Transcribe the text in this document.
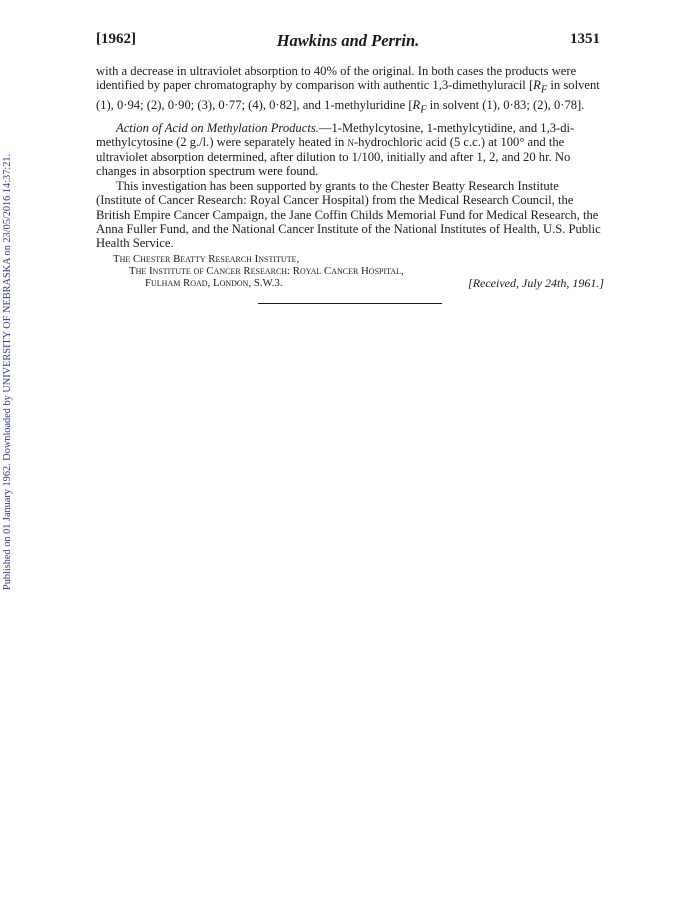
Published on 01 January 1962. Downloaded by UNIVERSITY OF NEBRASKA on 23/05/2016 14:37:21.
[1962]	Hawkins and Perrin.	1351

with a decrease in ultraviolet absorption to 40% of the original. In both cases the products were identified by paper chromatography by comparison with authentic 1,3-dimethyluracil [$R_F$ in solvent (1), 0·94; (2), 0·90; (3), 0·77; (4), 0·82], and 1-methyluridine [$R_F$ in solvent (1), 0·83; (2), 0·78].

Action of Acid on Methylation Products.—1-Methylcytosine, 1-methylcytidine, and 1,3-di-methylcytosine (2 g./l.) were separately heated in n-hydrochloric acid (5 c.c.) at 100° and the ultraviolet absorption determined, after dilution to 1/100, initially and after 1, 2, and 20 hr. No changes in absorption spectrum were found.

This investigation has been supported by grants to the Chester Beatty Research Institute (Institute of Cancer Research: Royal Cancer Hospital) from the Medical Research Council, the British Empire Cancer Campaign, the Jane Coffin Childs Memorial Fund for Medical Research, the Anna Fuller Fund, and the National Cancer Institute of the National Institutes of Health, U.S. Public Health Service.

The Chester Beatty Research Institute,
The Institute of Cancer Research: Royal Cancer Hospital,
Fulham Road, London, S.W.3.	[Received, July 24th, 1961.]
